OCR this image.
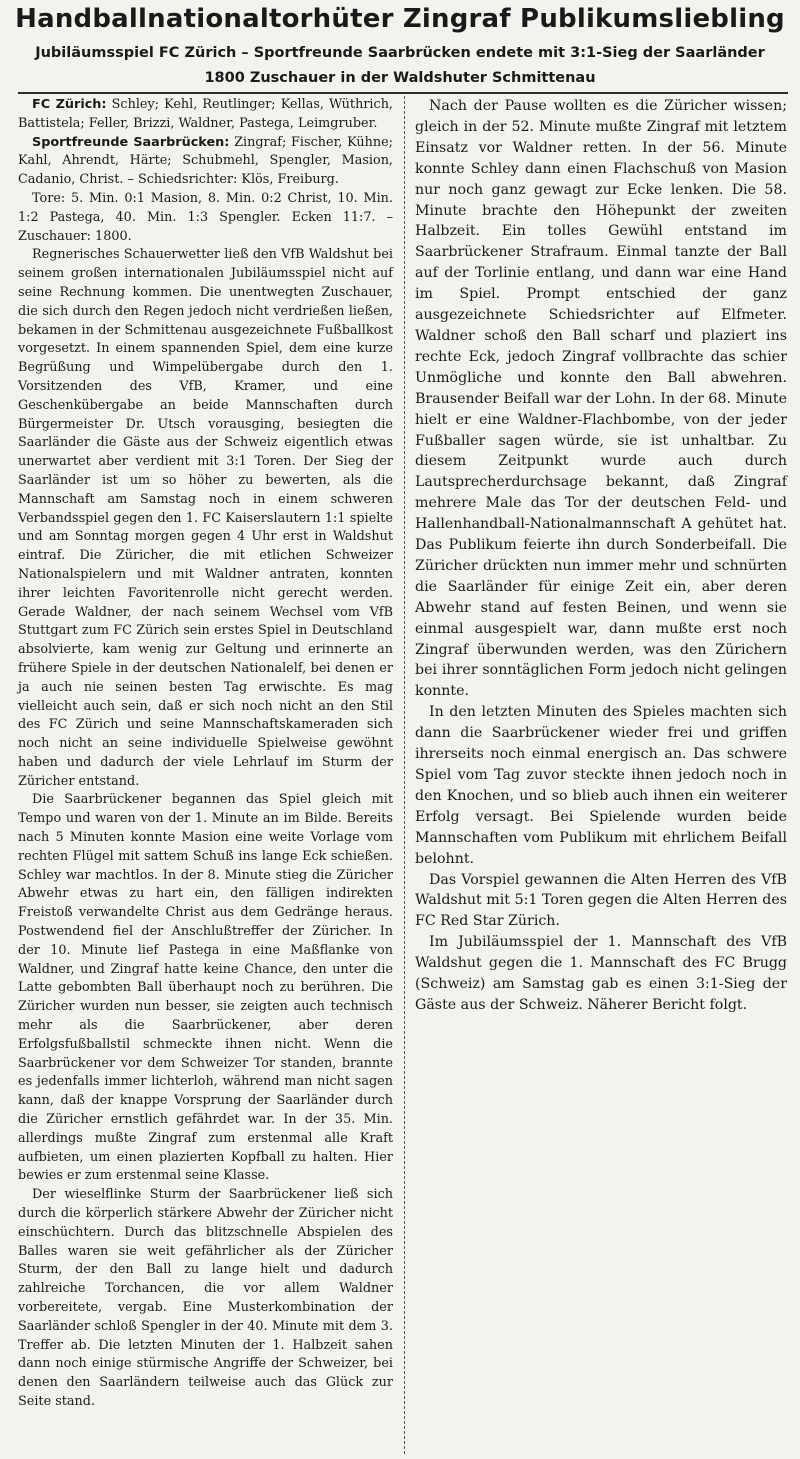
Handballnationaltorhüter Zingraf Publikumsliebling
Jubiläumsspiel FC Zürich – Sportfreunde Saarbrücken endete mit 3:1-Sieg der Saarländer
1800 Zuschauer in der Waldshuter Schmittenau

FC Zürich: Schley; Kehl, Reutlinger; Kellas, Wüthrich, Battistela; Feller, Brizzi, Waldner, Pastega, Leimgruber.

Sportfreunde Saarbrücken: Zingraf; Fischer, Kühne; Kahl, Ahrendt, Härte; Schubmehl, Spengler, Masion, Cadanio, Christ. – Schiedsrichter: Klös, Freiburg.

Tore: 5. Min. 0:1 Masion, 8. Min. 0:2 Christ, 10. Min. 1:2 Pastega, 40. Min. 1:3 Spengler. Ecken 11:7. – Zuschauer: 1800.

Regnerisches Schauerwetter ließ den VfB Waldshut bei seinem großen internationalen Jubiläumsspiel nicht auf seine Rechnung kommen. Die unentwegten Zuschauer, die sich durch den Regen jedoch nicht verdrießen ließen, bekamen in der Schmittenau ausgezeichnete Fußballkost vorgesetzt. In einem spannenden Spiel, dem eine kurze Begrüßung und Wimpelübergabe durch den 1. Vorsitzenden des VfB, Kramer, und eine Geschenkübergabe an beide Mannschaften durch Bürgermeister Dr. Utsch vorausging, besiegten die Saarländer die Gäste aus der Schweiz eigentlich etwas unerwartet aber verdient mit 3:1 Toren. Der Sieg der Saarländer ist um so höher zu bewerten, als die Mannschaft am Samstag noch in einem schweren Verbandsspiel gegen den 1. FC Kaiserslautern 1:1 spielte und am Sonntag morgen gegen 4 Uhr erst in Waldshut eintraf. Die Züricher, die mit etlichen Schweizer Nationalspielern und mit Waldner antraten, konnten ihrer leichten Favoritenrolle nicht gerecht werden. Gerade Waldner, der nach seinem Wechsel vom VfB Stuttgart zum FC Zürich sein erstes Spiel in Deutschland absolvierte, kam wenig zur Geltung und erinnerte an frühere Spiele in der deutschen Nationalelf, bei denen er ja auch nie seinen besten Tag erwischte. Es mag vielleicht auch sein, daß er sich noch nicht an den Stil des FC Zürich und seine Mannschaftskameraden sich noch nicht an seine individuelle Spielweise gewöhnt haben und dadurch der viele Lehrlauf im Sturm der Züricher entstand.

Die Saarbrückener begannen das Spiel gleich mit Tempo und waren von der 1. Minute an im Bilde. Bereits nach 5 Minuten konnte Masion eine weite Vorlage vom rechten Flügel mit sattem Schuß ins lange Eck schießen. Schley war machtlos. In der 8. Minute stieg die Züricher Abwehr etwas zu hart ein, den fälligen indirekten Freistoß verwandelte Christ aus dem Gedränge heraus. Postwendend fiel der Anschlußtreffer der Züricher. In der 10. Minute lief Pastega in eine Maßflanke von Waldner, und Zingraf hatte keine Chance, den unter die Latte gebombten Ball überhaupt noch zu berühren. Die Züricher wurden nun besser, sie zeigten auch technisch mehr als die Saarbrückener, aber deren Erfolgsfußballstil schmeckte ihnen nicht. Wenn die Saarbrückener vor dem Schweizer Tor standen, brannte es jedenfalls immer lichterloh, während man nicht sagen kann, daß der knappe Vorsprung der Saarländer durch die Züricher ernstlich gefährdet war. In der 35. Min. allerdings mußte Zingraf zum erstenmal alle Kraft aufbieten, um einen plazierten Kopfball zu halten. Hier bewies er zum erstenmal seine Klasse.

Der wieselflinke Sturm der Saarbrückener ließ sich durch die körperlich stärkere Abwehr der Züricher nicht einschüchtern. Durch das blitzschnelle Abspielen des Balles waren sie weit gefährlicher als der Züricher Sturm, der den Ball zu lange hielt und dadurch zahlreiche Torchancen, die vor allem Waldner vorbereitete, vergab. Eine Musterkombination der Saarländer schloß Spengler in der 40. Minute mit dem 3. Treffer ab. Die letzten Minuten der 1. Halbzeit sahen dann noch einige stürmische Angriffe der Schweizer, bei denen den Saarländern teilweise auch das Glück zur Seite stand.

Nach der Pause wollten es die Züricher wissen; gleich in der 52. Minute mußte Zingraf mit letztem Einsatz vor Waldner retten. In der 56. Minute konnte Schley dann einen Flachschuß von Masion nur noch ganz gewagt zur Ecke lenken. Die 58. Minute brachte den Höhepunkt der zweiten Halbzeit. Ein tolles Gewühl entstand im Saarbrückener Strafraum. Einmal tanzte der Ball auf der Torlinie entlang, und dann war eine Hand im Spiel. Prompt entschied der ganz ausgezeichnete Schiedsrichter auf Elfmeter. Waldner schoß den Ball scharf und plaziert ins rechte Eck, jedoch Zingraf vollbrachte das schier Unmögliche und konnte den Ball abwehren. Brausender Beifall war der Lohn. In der 68. Minute hielt er eine Waldner-Flachbombe, von der jeder Fußballer sagen würde, sie ist unhaltbar. Zu diesem Zeitpunkt wurde auch durch Lautsprecherdurchsage bekannt, daß Zingraf mehrere Male das Tor der deutschen Feld- und Hallenhandball-Nationalmannschaft A gehütet hat. Das Publikum feierte ihn durch Sonderbeifall. Die Züricher drückten nun immer mehr und schnürten die Saarländer für einige Zeit ein, aber deren Abwehr stand auf festen Beinen, und wenn sie einmal ausgespielt war, dann mußte erst noch Zingraf überwunden werden, was den Zürichern bei ihrer sonntäglichen Form jedoch nicht gelingen konnte.

In den letzten Minuten des Spieles machten sich dann die Saarbrückener wieder frei und griffen ihrerseits noch einmal energisch an. Das schwere Spiel vom Tag zuvor steckte ihnen jedoch noch in den Knochen, und so blieb auch ihnen ein weiterer Erfolg versagt. Bei Spielende wurden beide Mannschaften vom Publikum mit ehrlichem Beifall belohnt.

Das Vorspiel gewannen die Alten Herren des VfB Waldshut mit 5:1 Toren gegen die Alten Herren des FC Red Star Zürich.

Im Jubiläumsspiel der 1. Mannschaft des VfB Waldshut gegen die 1. Mannschaft des FC Brugg (Schweiz) am Samstag gab es einen 3:1-Sieg der Gäste aus der Schweiz. Näherer Bericht folgt.
